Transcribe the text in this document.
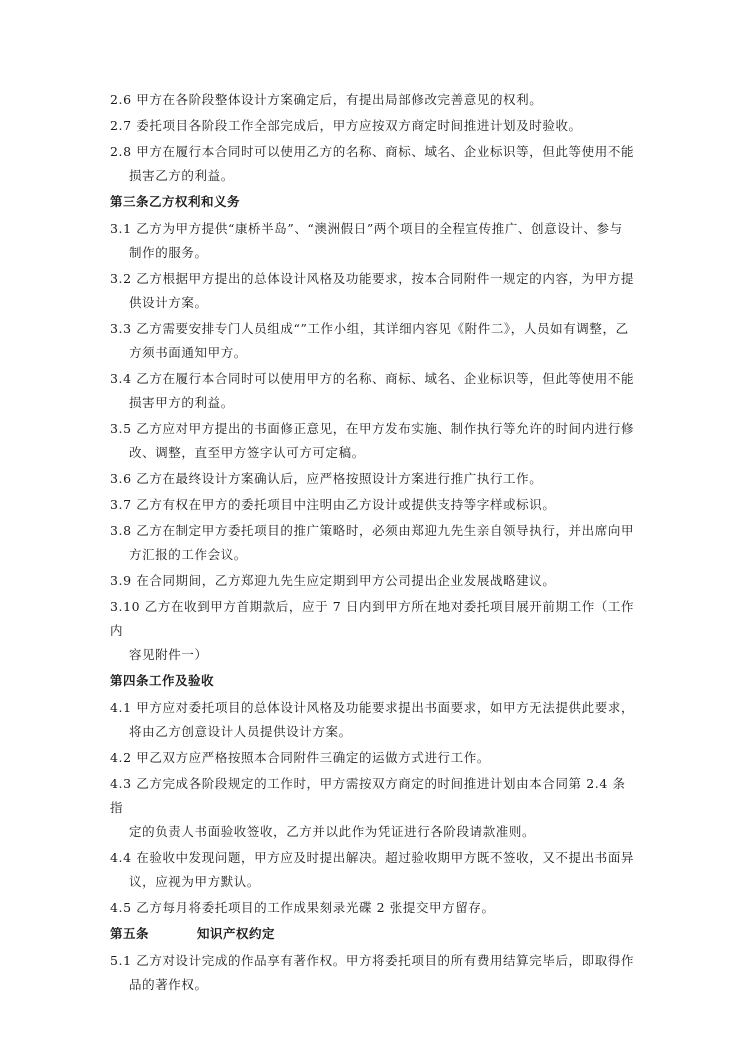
2.6 甲方在各阶段整体设计方案确定后，有提出局部修改完善意见的权利。
2.7 委托项目各阶段工作全部完成后，甲方应按双方商定时间推进计划及时验收。
2.8 甲方在履行本合同时可以使用乙方的名称、商标、域名、企业标识等，但此等使用不能
损害乙方的利益。
第三条乙方权利和义务
3.1 乙方为甲方提供“康桥半岛”、“澳洲假日”两个项目的全程宣传推广、创意设计、参与
制作的服务。
3.2 乙方根据甲方提出的总体设计风格及功能要求，按本合同附件一规定的内容，为甲方提
供设计方案。
3.3 乙方需要安排专门人员组成“”工作小组，其详细内容见《附件二》，人员如有调整，乙
方须书面通知甲方。
3.4 乙方在履行本合同时可以使用甲方的名称、商标、域名、企业标识等，但此等使用不能
损害甲方的利益。
3.5 乙方应对甲方提出的书面修正意见，在甲方发布实施、制作执行等允许的时间内进行修
改、调整，直至甲方签字认可方可定稿。
3.6 乙方在最终设计方案确认后，应严格按照设计方案进行推广执行工作。
3.7 乙方有权在甲方的委托项目中注明由乙方设计或提供支持等字样或标识。
3.8 乙方在制定甲方委托项目的推广策略时，必须由郑迎九先生亲自领导执行，并出席向甲
方汇报的工作会议。
3.9 在合同期间，乙方郑迎九先生应定期到甲方公司提出企业发展战略建议。
3.10 乙方在收到甲方首期款后，应于 7 日内到甲方所在地对委托项目展开前期工作（工作内
容见附件一）
第四条工作及验收
4.1 甲方应对委托项目的总体设计风格及功能要求提出书面要求，如甲方无法提供此要求，
将由乙方创意设计人员提供设计方案。
4.2 甲乙双方应严格按照本合同附件三确定的运做方式进行工作。
4.3 乙方完成各阶段规定的工作时，甲方需按双方商定的时间推进计划由本合同第 2.4 条指
定的负责人书面验收签收，乙方并以此作为凭证进行各阶段请款准则。
4.4 在验收中发现问题，甲方应及时提出解决。超过验收期甲方既不签收，又不提出书面异
议，应视为甲方默认。
4.5 乙方每月将委托项目的工作成果刻录光碟 2 张提交甲方留存。
第五条	知识产权约定
5.1 乙方对设计完成的作品享有著作权。甲方将委托项目的所有费用结算完毕后，即取得作
品的著作权。
